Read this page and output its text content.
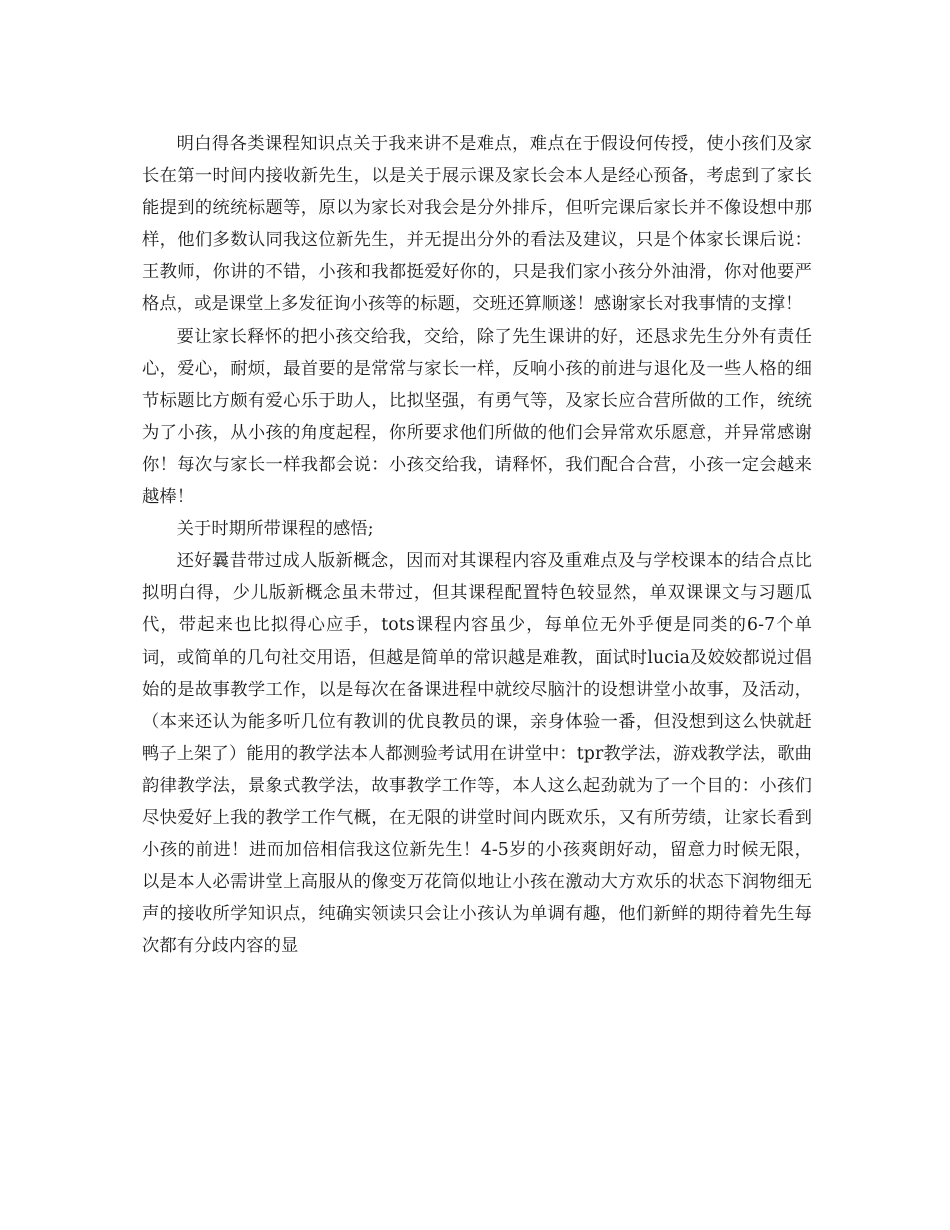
明白得各类课程知识点关于我来讲不是难点，难点在于假设何传授，使小孩们及家长在第一时间内接收新先生，以是关于展示课及家长会本人是经心预备，考虑到了家长能提到的统统标题等，原以为家长对我会是分外排斥，但听完课后家长并不像设想中那样，他们多数认同我这位新先生，并无提出分外的看法及建议，只是个体家长课后说：王教师，你讲的不错，小孩和我都挺爱好你的，只是我们家小孩分外油滑，你对他要严格点，或是课堂上多发征询小孩等的标题，交班还算顺遂！感谢家长对我事情的支撑！

要让家长释怀的把小孩交给我，交给，除了先生课讲的好，还恳求先生分外有责任心，爱心，耐烦，最首要的是常常与家长一样，反响小孩的前进与退化及一些人格的细节标题比方颇有爱心乐于助人，比拟坚强，有勇气等，及家长应合营所做的工作，统统为了小孩，从小孩的角度起程，你所要求他们所做的他们会异常欢乐愿意，并异常感谢你！每次与家长一样我都会说：小孩交给我，请释怀，我们配合合营，小孩一定会越来越棒！

关于时期所带课程的感悟;

还好曩昔带过成人版新概念，因而对其课程内容及重难点及与学校课本的结合点比拟明白得，少儿版新概念虽未带过，但其课程配置特色较显然，单双课课文与习题瓜代，带起来也比拟得心应手，tots课程内容虽少，每单位无外乎便是同类的6-7个单词，或简单的几句社交用语，但越是简单的常识越是难教，面试时lucia及姣姣都说过倡始的是故事教学工作，以是每次在备课进程中就绞尽脑汁的设想讲堂小故事，及活动，（本来还认为能多听几位有教训的优良教员的课，亲身体验一番，但没想到这么快就赶鸭子上架了）能用的教学法本人都测验考试用在讲堂中：tpr教学法，游戏教学法，歌曲韵律教学法，景象式教学法，故事教学工作等，本人这么起劲就为了一个目的：小孩们尽快爱好上我的教学工作气概，在无限的讲堂时间内既欢乐，又有所劳绩，让家长看到小孩的前进！进而加倍相信我这位新先生！4-5岁的小孩爽朗好动，留意力时候无限，以是本人必需讲堂上高服从的像变万花筒似地让小孩在激动大方欢乐的状态下润物细无声的接收所学知识点，纯确实领读只会让小孩认为单调有趣，他们新鲜的期待着先生每次都有分歧内容的显
